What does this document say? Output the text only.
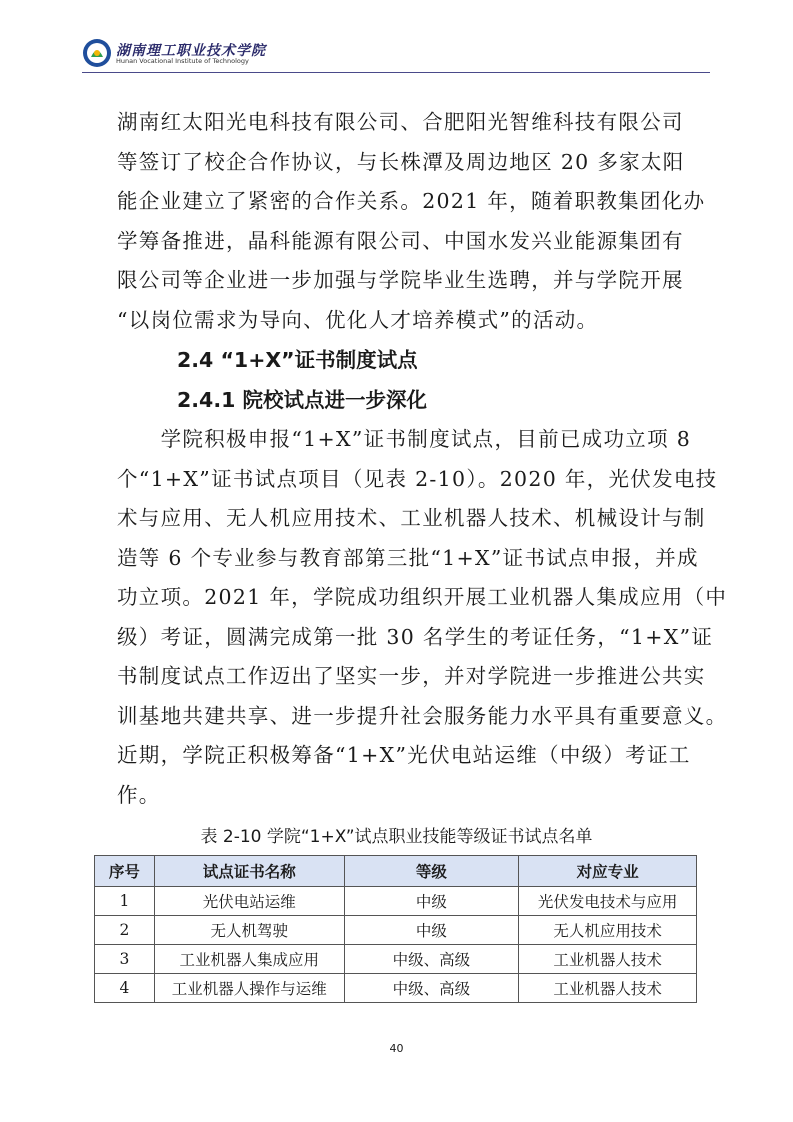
湖南理工职业技术学院
Hunan Vocational Institute of Technology

湖南红太阳光电科技有限公司、合肥阳光智维科技有限公司

等签订了校企合作协议，与长株潭及周边地区 20 多家太阳

能企业建立了紧密的合作关系。2021 年，随着职教集团化办

学筹备推进，晶科能源有限公司、中国水发兴业能源集团有

限公司等企业进一步加强与学院毕业生选聘，并与学院开展

“以岗位需求为导向、优化人才培养模式”的活动。

2.4 “1+X”证书制度试点
2.4.1 院校试点进一步深化

　　学院积极申报“1+X”证书制度试点，目前已成功立项 8

个“1+X”证书试点项目（见表 2-10）。2020 年，光伏发电技

术与应用、无人机应用技术、工业机器人技术、机械设计与制

造等 6 个专业参与教育部第三批“1+X”证书试点申报，并成

功立项。2021 年，学院成功组织开展工业机器人集成应用（中

级）考证，圆满完成第一批 30 名学生的考证任务，“1+X”证

书制度试点工作迈出了坚实一步，并对学院进一步推进公共实

训基地共建共享、进一步提升社会服务能力水平具有重要意义。

近期，学院正积极筹备“1+X”光伏电站运维（中级）考证工

作。

表 2-10 学院“1+X”试点职业技能等级证书试点名单
序号	试点证书名称	等级	对应专业
1	光伏电站运维	中级	光伏发电技术与应用
2	无人机驾驶	中级	无人机应用技术
3	工业机器人集成应用	中级、高级	工业机器人技术
4	工业机器人操作与运维	中级、高级	工业机器人技术
40
